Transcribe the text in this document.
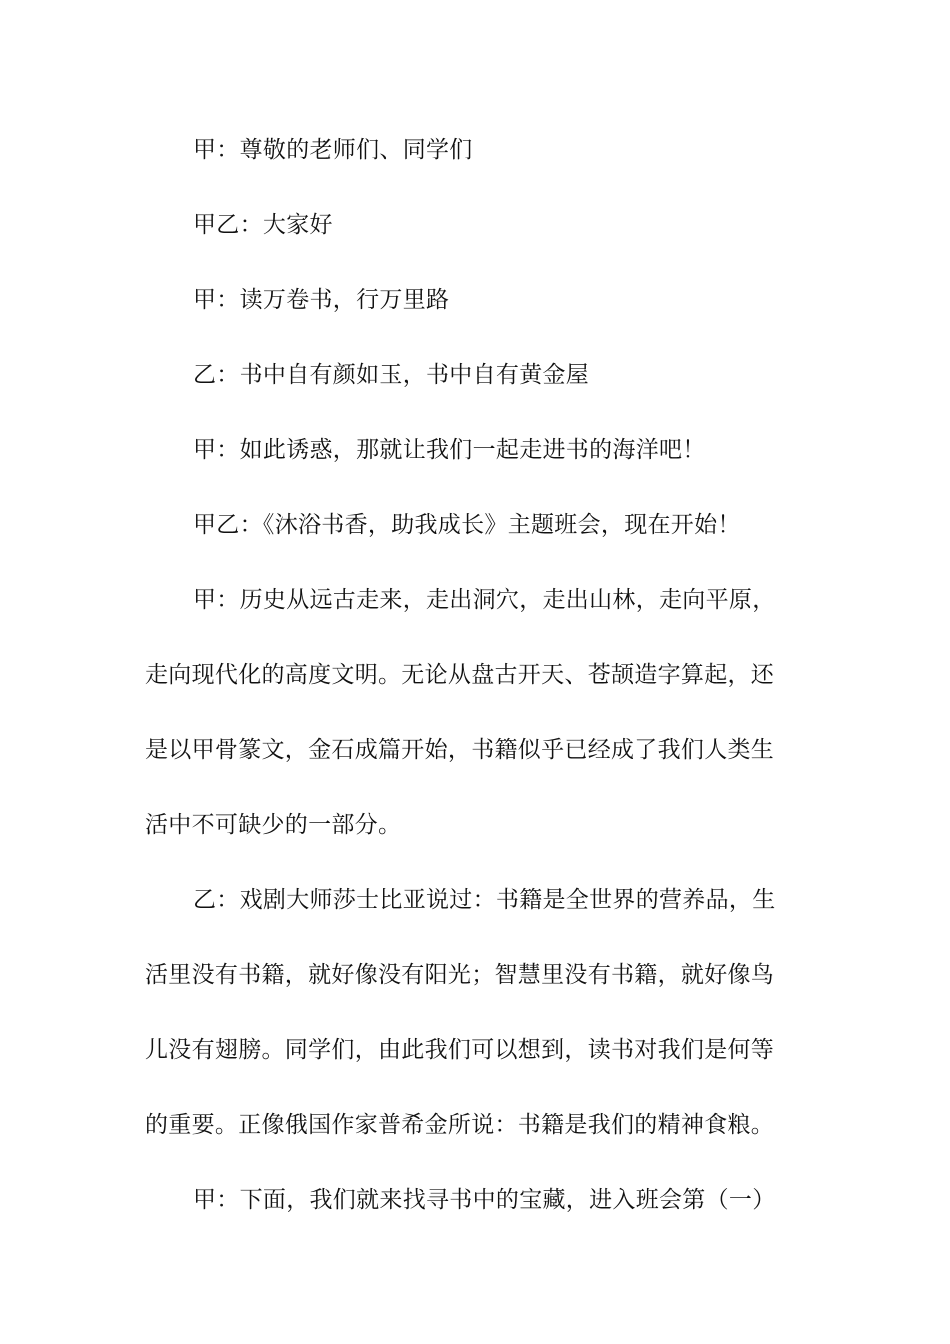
甲：尊敬的老师们、同学们
甲乙：大家好
甲：读万卷书，行万里路
乙：书中自有颜如玉，书中自有黄金屋
甲：如此诱惑，那就让我们一起走进书的海洋吧！
甲乙：《沐浴书香，助我成长》主题班会，现在开始！
甲：历史从远古走来，走出洞穴，走出山林，走向平原，
走向现代化的高度文明。无论从盘古开天、苍颉造字算起，还
是以甲骨篆文，金石成篇开始，书籍似乎已经成了我们人类生
活中不可缺少的一部分。
乙：戏剧大师莎士比亚说过：书籍是全世界的营养品，生
活里没有书籍，就好像没有阳光；智慧里没有书籍，就好像鸟
儿没有翅膀。同学们，由此我们可以想到，读书对我们是何等
的重要。正像俄国作家普希金所说：书籍是我们的精神食粮。
甲：下面，我们就来找寻书中的宝藏，进入班会第（一）
